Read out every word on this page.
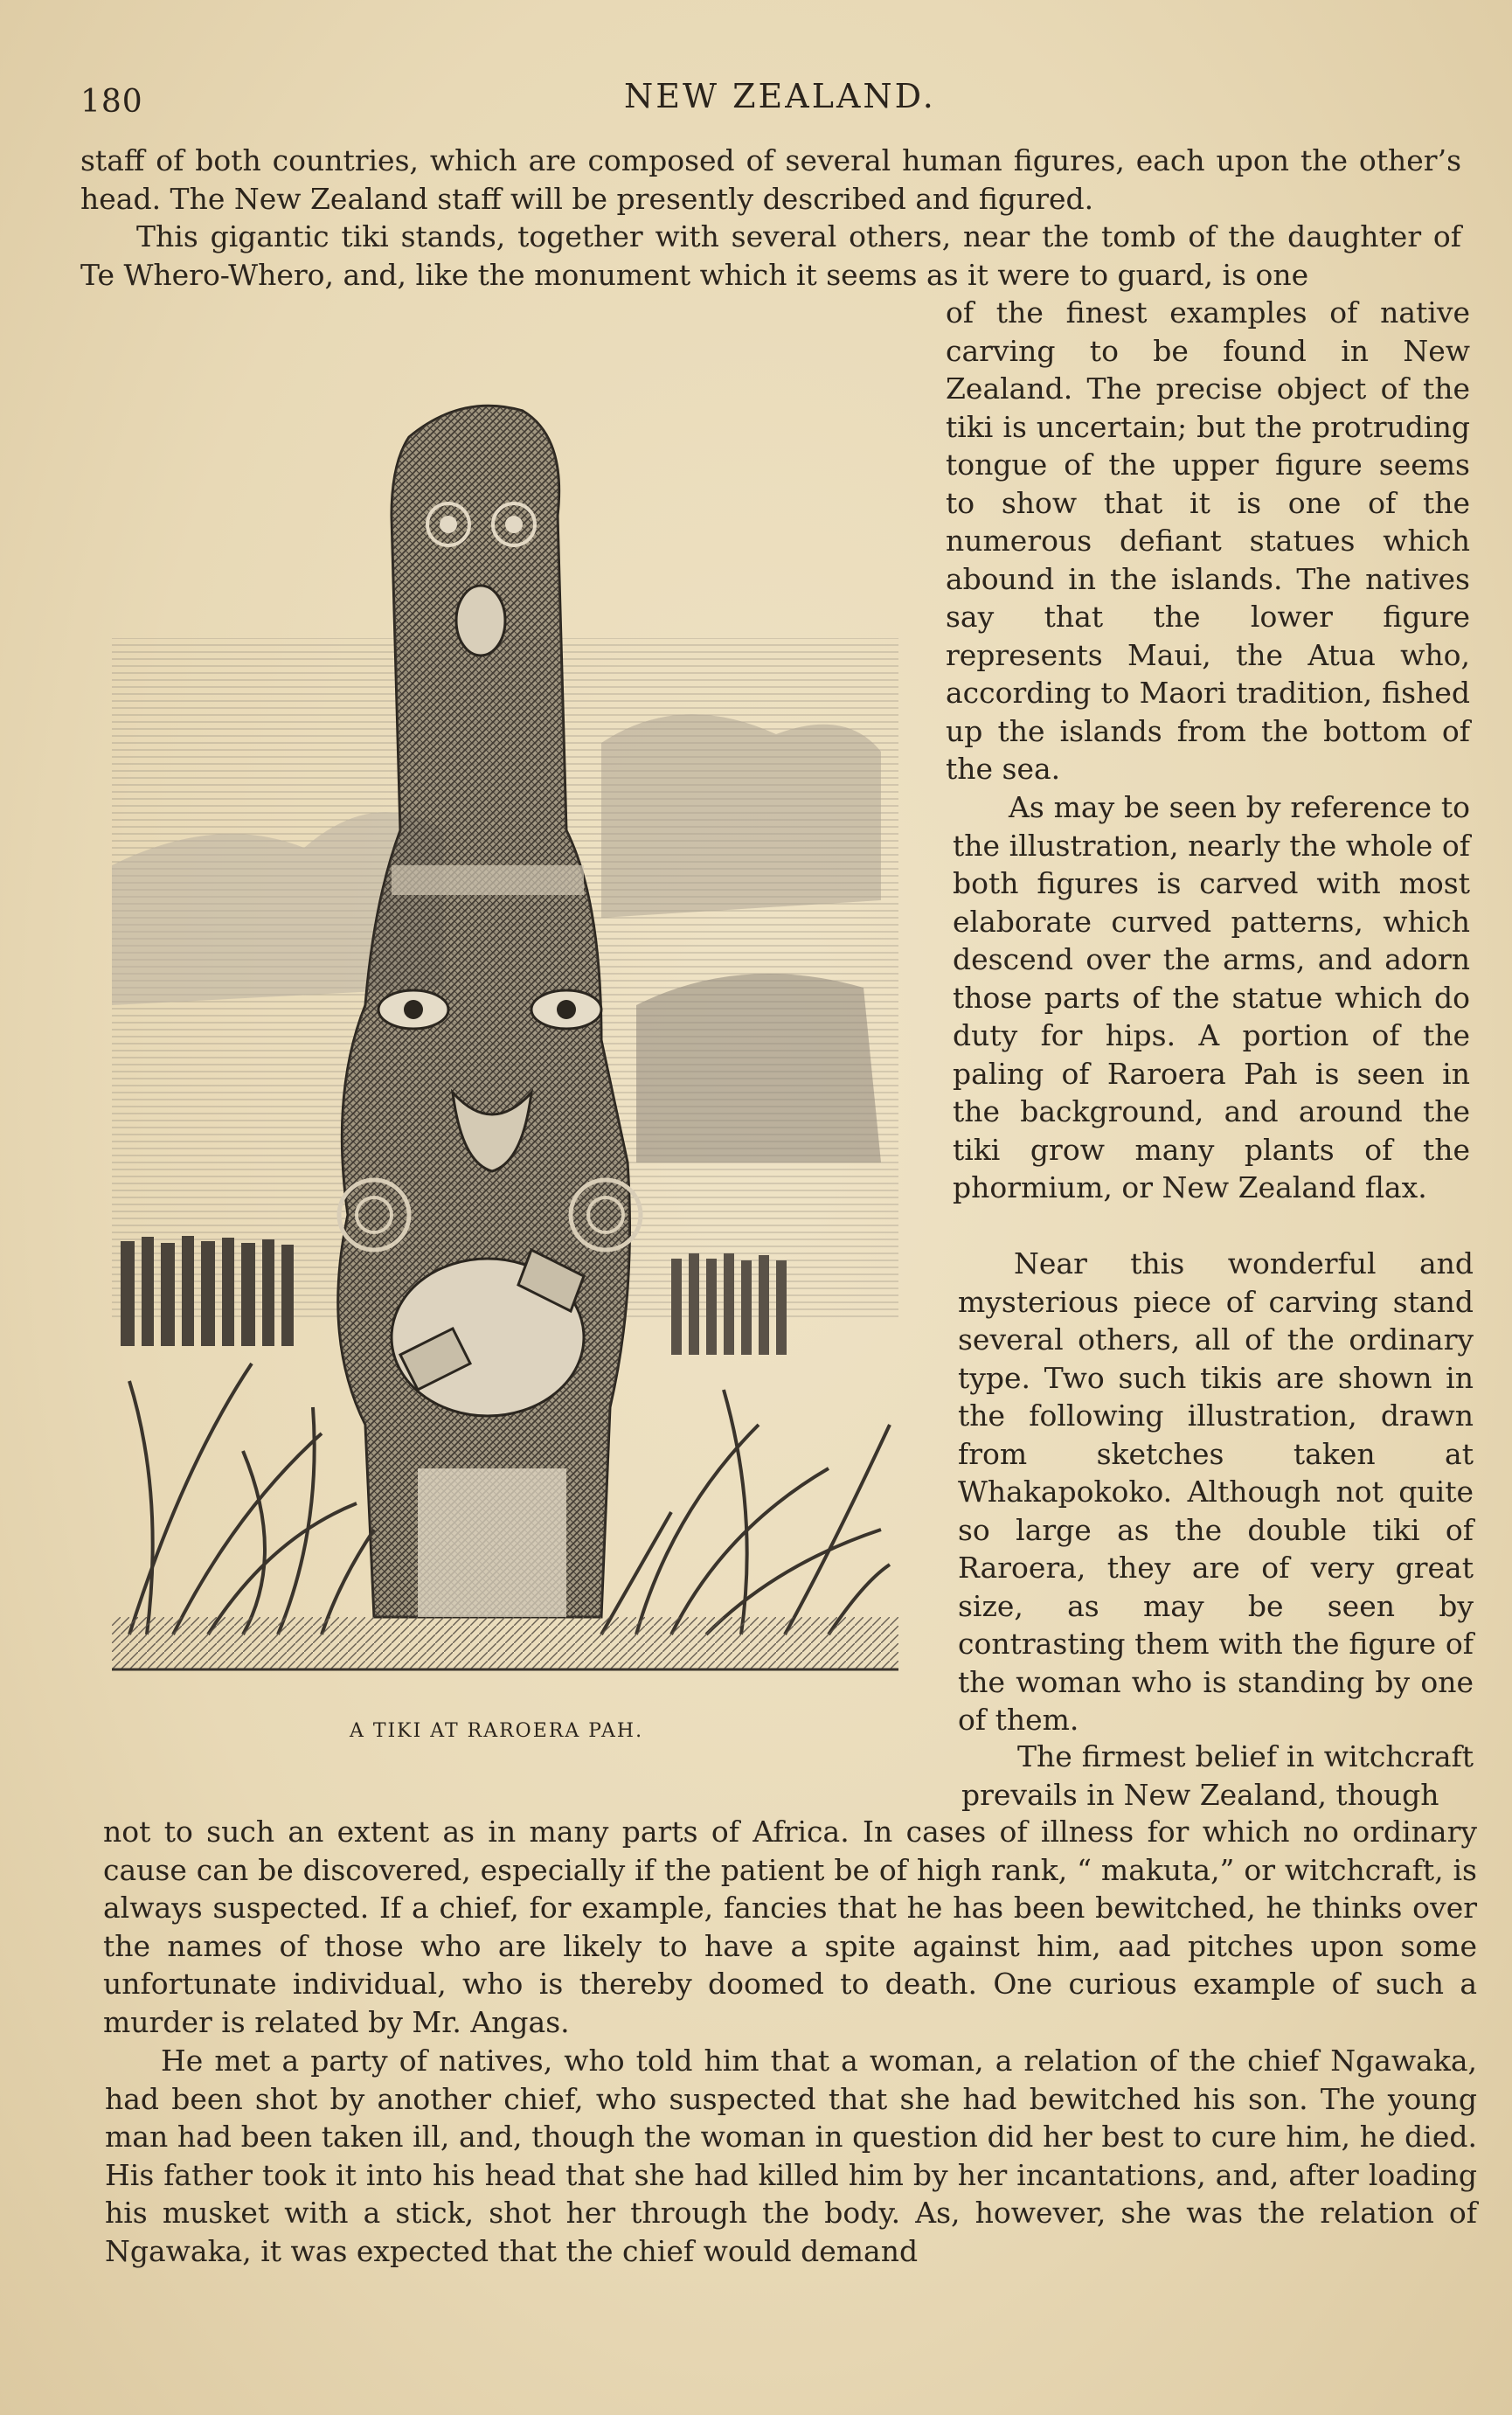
180	NEW ZEALAND.

staff of both countries, which are composed of several human figures, each upon the other’s head. The New Zealand staff will be presently described and figured.

This gigantic tiki stands, together with several others, near the tomb of the daughter of Te Whero-Whero, and, like the monument which it seems as it were to guard, is one

of the finest examples of native carving to be found in New Zealand. The precise object of the tiki is uncertain; but the protruding tongue of the upper figure seems to show that it is one of the numerous defiant statues which abound in the islands. The natives say that the lower figure represents Maui, the Atua who, according to Maori tradition, fished up the islands from the bottom of the sea.

As may be seen by reference to the illustration, nearly the whole of both figures is carved with most elaborate curved patterns, which descend over the arms, and adorn those parts of the statue which do duty for hips. A portion of the paling of Raroera Pah is seen in the background, and around the tiki grow many plants of the phormium, or New Zealand flax.

Near this wonderful and mysterious piece of carving stand several others, all of the ordinary type. Two such tikis are shown in the following illustration, drawn from sketches taken at Whakapokoko. Although not quite so large as the double tiki of Raroera, they are of very great size, as may be seen by contrasting them with the figure of the woman who is standing by one of them.

The firmest belief in witchcraft prevails in New Zealand, though

not to such an extent as in many parts of Africa. In cases of illness for which no ordinary cause can be discovered, especially if the patient be of high rank, “ makuta,” or witchcraft, is always suspected. If a chief, for example, fancies that he has been bewitched, he thinks over the names of those who are likely to have a spite against him, aad pitches upon some unfortunate individual, who is thereby doomed to death. One curious example of such a murder is related by Mr. Angas.

He met a party of natives, who told him that a woman, a relation of the chief Ngawaka, had been shot by another chief, who suspected that she had bewitched his son. The young man had been taken ill, and, though the woman in question did her best to cure him, he died. His father took it into his head that she had killed him by her incantations, and, after loading his musket with a stick, shot her through the body. As, however, she was the relation of Ngawaka, it was expected that the chief would demand

A TIKI AT RAROERA PAH.
